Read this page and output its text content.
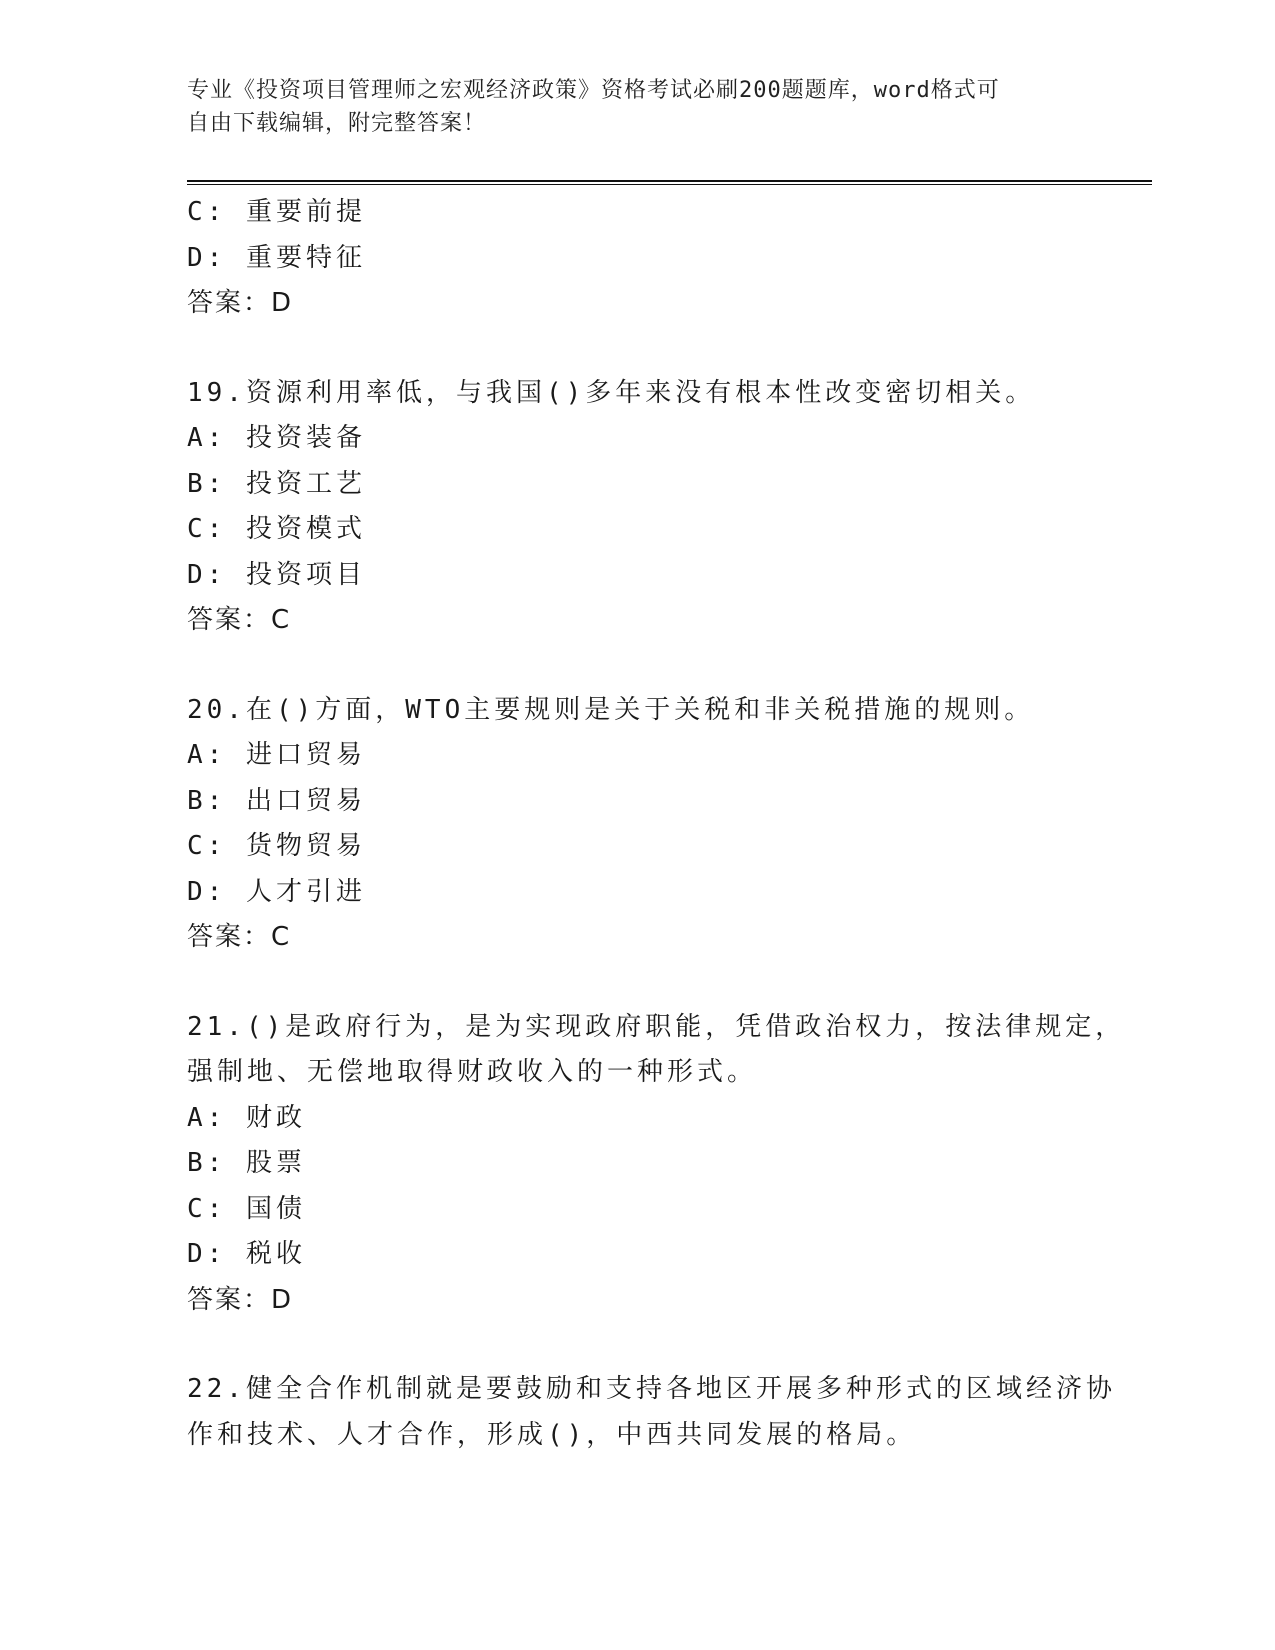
专业《投资项目管理师之宏观经济政策》资格考试必刷200题题库，word格式可
自由下载编辑，附完整答案！
C: 重要前提
D: 重要特征
答案：D
19.资源利用率低，与我国()多年来没有根本性改变密切相关。
A: 投资装备
B: 投资工艺
C: 投资模式
D: 投资项目
答案：C
20.在()方面，WTO主要规则是关于关税和非关税措施的规则。
A: 进口贸易
B: 出口贸易
C: 货物贸易
D: 人才引进
答案：C
21.()是政府行为，是为实现政府职能，凭借政治权力，按法律规定，
强制地、无偿地取得财政收入的一种形式。
A: 财政
B: 股票
C: 国债
D: 税收
答案：D
22.健全合作机制就是要鼓励和支持各地区开展多种形式的区域经济协
作和技术、人才合作，形成()，中西共同发展的格局。
